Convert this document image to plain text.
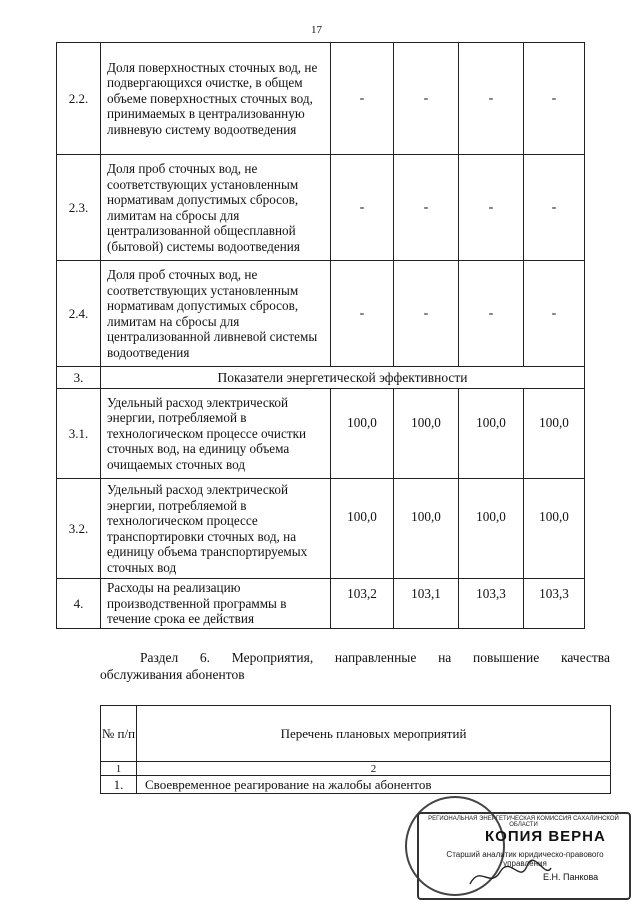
17
2.2.	Доля поверхностных сточных вод, не подвергающихся очистке, в общем объеме поверхностных сточных вод, принимаемых в централизованную ливневую систему водоотведения	-	-	-	-
2.3.	Доля проб сточных вод, не соответствующих установленным нормативам допустимых сбросов, лимитам на сбросы для централизованной общесплавной (бытовой) системы водоотведения	-	-	-	-
2.4.	Доля проб сточных вод, не соответствующих установленным нормативам допустимых сбросов, лимитам на сбросы для централизованной ливневой системы водоотведения	-	-	-	-
3.	Показатели энергетической эффективности				
3.1.	Удельный расход электрической энергии, потребляемой в технологическом процессе очистки сточных вод, на единицу объема очищаемых сточных вод	100,0	100,0	100,0	100,0
3.2.	Удельный расход электрической энергии, потребляемой в технологическом процессе транспортировки сточных вод, на единицу объема транспортируемых сточных вод	100,0	100,0	100,0	100,0
4.	Расходы на реализацию производственной программы в течение срока ее действия	103,2	103,1	103,3	103,3
Раздел 6. Мероприятия, направленные на повышение качества
обслуживания абонентов
№ п/п	Перечень плановых мероприятий
1	2
1.	Своевременное реагирование на жалобы абонентов
РЕГИОНАЛЬНАЯ ЭНЕРГЕТИЧЕСКАЯ КОМИССИЯ САХАЛИНСКОЙ ОБЛАСТИ
КОПИЯ ВЕРНА
Старший аналитик юридическо-правового управления
Е.Н. Панкова
